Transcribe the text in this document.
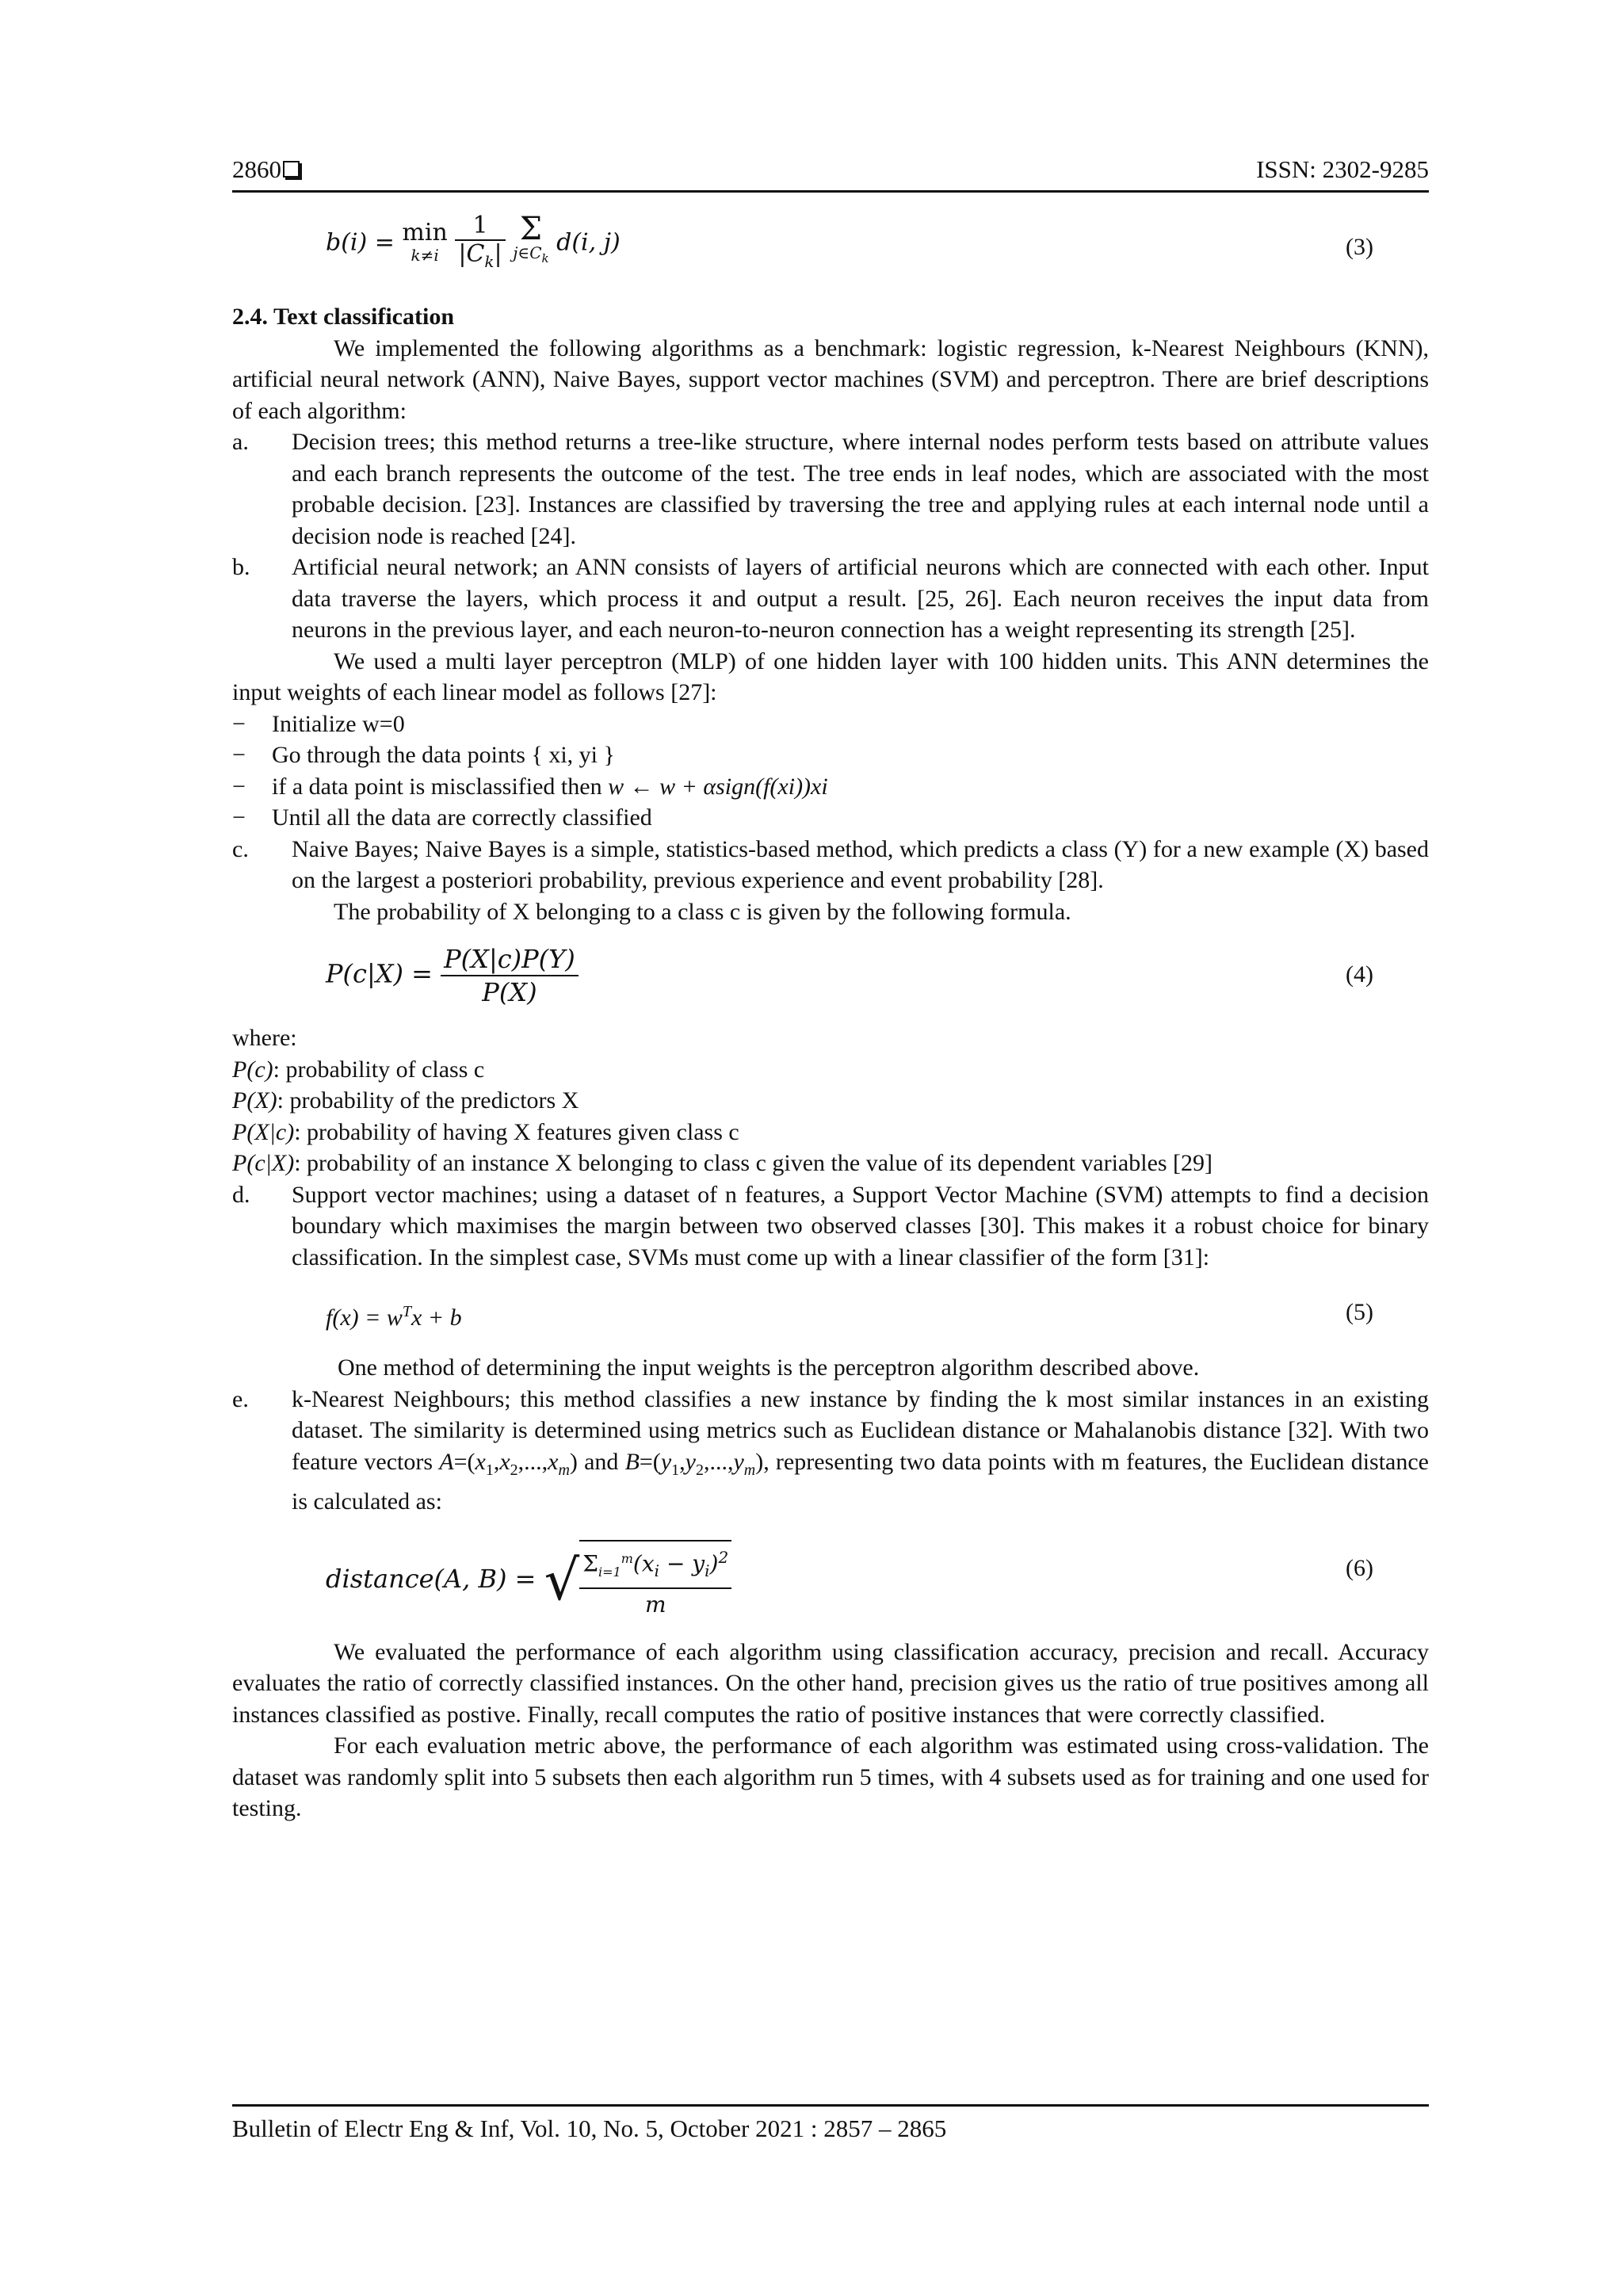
2860	ISSN: 2302-9285
b(i) = min
k≠i
$\frac{1}{|C_k|}$
Σ
$j\in C_k$
d(i, j)	(3)
2.4. Text classification
We implemented the following algorithms as a benchmark: logistic regression, k-Nearest Neighbours (KNN), artificial neural network (ANN), Naive Bayes, support vector machines (SVM) and perceptron. There are brief descriptions of each algorithm:
a. Decision trees; this method returns a tree-like structure, where internal nodes perform tests based on attribute values and each branch represents the outcome of the test. The tree ends in leaf nodes, which are associated with the most probable decision. [23]. Instances are classified by traversing the tree and applying rules at each internal node until a decision node is reached [24].
b. Artificial neural network; an ANN consists of layers of artificial neurons which are connected with each other. Input data traverse the layers, which process it and output a result. [25, 26]. Each neuron receives the input data from neurons in the previous layer, and each neuron-to-neuron connection has a weight representing its strength [25].
We used a multi layer perceptron (MLP) of one hidden layer with 100 hidden units. This ANN determines the input weights of each linear model as follows [27]:
− Initialize w=0
− Go through the data points { xi, yi }
− if a data point is misclassified then w ← w + αsign(f(xi))xi
− Until all the data are correctly classified
c. Naive Bayes; Naive Bayes is a simple, statistics-based method, which predicts a class (Y) for a new example (X) based on the largest a posteriori probability, previous experience and event probability [28].
The probability of X belonging to a class c is given by the following formula.
$P(c|X) = \frac{P(X|c)P(Y)}{P(X)}$	(4)
where:
P(c): probability of class c
P(X): probability of the predictors X
P(X|c): probability of having X features given class c
P(c|X): probability of an instance X belonging to class c given the value of its dependent variables [29]
d. Support vector machines; using a dataset of n features, a Support Vector Machine (SVM) attempts to find a decision boundary which maximises the margin between two observed classes [30]. This makes it a robust choice for binary classification. In the simplest case, SVMs must come up with a linear classifier of the form [31]:
$f(x) = w^Tx + b$	(5)
One method of determining the input weights is the perceptron algorithm described above.
e. k-Nearest Neighbours; this method classifies a new instance by finding the k most similar instances in an existing dataset. The similarity is determined using metrics such as Euclidean distance or Mahalanobis distance [32]. With two feature vectors $A=(x_1,x_2,...,x_m)$ and $B=(y_1,y_2,...,y_m)$, representing two data points with m features, the Euclidean distance is calculated as:
distance(A, B) = √ $\frac{\Sigma_{i=1}^m(x_i - y_i)^2}{m}$	(6)
We evaluated the performance of each algorithm using classification accuracy, precision and recall. Accuracy evaluates the ratio of correctly classified instances. On the other hand, precision gives us the ratio of true positives among all instances classified as postive. Finally, recall computes the ratio of positive instances that were correctly classified.
For each evaluation metric above, the performance of each algorithm was estimated using cross-validation. The dataset was randomly split into 5 subsets then each algorithm run 5 times, with 4 subsets used as for training and one used for testing.
Bulletin of Electr Eng & Inf, Vol. 10, No. 5, October 2021 : 2857 – 2865
